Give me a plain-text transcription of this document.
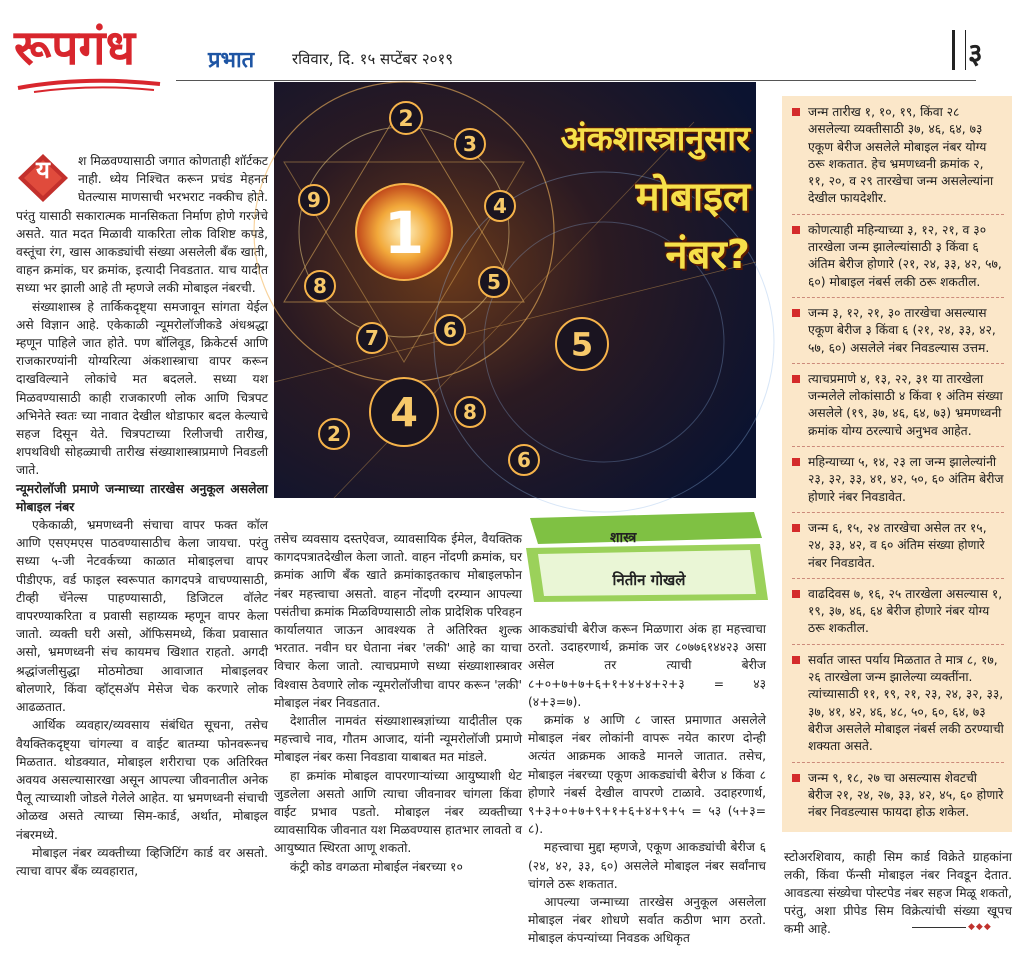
रूपगंध	प्रभात	रविवार, दि. १५ सप्टेंबर २०१९	३
य	श मिळवण्यासाठी जगात कोणताही शॉर्टकट नाही. ध्येय निश्चित करून प्रचंड मेहनत घेतल्यास माणसाची भरभराट नक्कीच होते. परंतु यासाठी सकारात्मक मानसिकता निर्माण होणे गरजेचे असते. यात मदत मिळावी याकरिता लोक विशिष्ट कपडे, वस्तूंचा रंग, खास आकड्यांची संख्या असलेली बँक खाती, वाहन क्रमांक, घर क्रमांक, इत्यादी निवडतात. याच यादीत सध्या भर झाली आहे ती म्हणजे लकी मोबाइल नंबरची.

संख्याशास्त्र हे तार्किकदृष्ट्या समजावून सांगता येईल असे विज्ञान आहे. एकेकाळी न्यूमरोलॉजीकडे अंधश्रद्धा म्हणून पाहिले जात होते. पण बॉलिवूड, क्रिकेटर्स आणि राजकारण्यांनी योग्यरित्या अंकशास्त्राचा वापर करून दाखविल्याने लोकांचे मत बदलले. सध्या यश मिळवण्यासाठी काही राजकारणी लोक आणि चित्रपट अभिनेते स्वतः च्या नावात देखील थोडाफार बदल केल्याचे सहज दिसून येते. चित्रपटाच्या रिलीजची तारीख, शपथविधी सोहळ्याची तारीख संख्याशास्त्राप्रमाणे निवडली जाते.

न्यूमरोलॉजी प्रमाणे जन्माच्या तारखेस अनुकूल असलेला मोबाइल नंबर

एकेकाळी, भ्रमणध्वनी संचाचा वापर फक्त कॉल आणि एसएमएस पाठवण्यासाठीच केला जायचा. परंतु सध्या ५-जी नेटवर्कच्या काळात मोबाइलचा वापर पीडीएफ, वर्ड फाइल स्वरूपात कागदपत्रे वाचण्यासाठी, टीव्ही चॅनेल्स पाहण्यासाठी, डिजिटल वॉलेट वापरण्याकरिता व प्रवासी सहाय्यक म्हणून वापर केला जातो. व्यक्ती घरी असो, ऑफिसमध्ये, किंवा प्रवासात असो, भ्रमणध्वनी संच कायमच खिशात राहतो. अगदी श्रद्धांजलीसुद्धा मोठमोठ्या आवाजात मोबाइलवर बोलणारे, किंवा व्हॉट्सअ‍ॅप मेसेज चेक करणारे लोक आढळतात.

आर्थिक व्यवहार/व्यवसाय संबंधित सूचना, तसेच वैयक्तिकदृष्ट्या चांगल्या व वाईट बातम्या फोनवरूनच मिळतात. थोडक्यात, मोबाइल शरीराचा एक अतिरिक्त अवयव असल्यासारखा असून आपल्या जीवनातील अनेक पैलू त्याच्याशी जोडले गेलेले आहेत. या भ्रमणध्वनी संचाची ओळख असते त्याच्या सिम-कार्ड, अर्थात, मोबाइल नंबरमध्ये.

मोबाइल नंबर व्यक्तीच्या व्हिजिटिंग कार्ड वर असतो. त्याचा वापर बँक व्यवहारात,

1
2
3
4
5
6
7
8
9
5
8
4
2
6
अंकशास्त्रानुसार
मोबाइल
नंबर?
शास्त्र
नितीन गोखले

तसेच व्यवसाय दस्तऐवज, व्यावसायिक ईमेल, वैयक्तिक कागदपत्रातदेखील केला जातो. वाहन नोंदणी क्रमांक, घर क्रमांक आणि बँक खाते क्रमांकाइतकाच मोबाइलफोन नंबर महत्त्वाचा असतो. वाहन नोंदणी दरम्यान आपल्या पसंतीचा क्रमांक मिळविण्यासाठी लोक प्रादेशिक परिवहन कार्यालयात जाऊन आवश्यक ते अतिरिक्त शुल्क भरतात. नवीन घर घेताना नंबर 'लकी' आहे का याचा विचार केला जातो. त्याचप्रमाणे सध्या संख्याशास्त्रावर विश्वास ठेवणारे लोक न्यूमरोलॉजीचा वापर करून 'लकी' मोबाइल नंबर निवडतात.

देशातील नामवंत संख्याशास्त्रज्ञांच्या यादीतील एक महत्त्वाचे नाव, गौतम आजाद, यांनी न्यूमरोलॉजी प्रमाणे मोबाइल नंबर कसा निवडावा याबाबत मत मांडले.

हा क्रमांक मोबाइल वापरणाऱ्यांच्या आयुष्याशी थेट जुडलेला असतो आणि त्याचा जीवनावर चांगला किंवा वाईट प्रभाव पडतो. मोबाइल नंबर व्यक्तीच्या व्यावसायिक जीवनात यश मिळवण्यास हातभार लावतो व आयुष्यात स्थिरता आणू शकतो.

कंट्री कोड वगळता मोबाईल नंबरच्या १०

आकड्यांची बेरीज करून मिळणारा अंक हा महत्त्वाचा ठरतो. उदाहरणार्थ, क्रमांक जर ८०७७६१४४२३ असा असेल तर त्याची बेरीज ८+०+७+७+६+१+४+४+२+३ = ४३ (४+३=७).

क्रमांक ४ आणि ८ जास्त प्रमाणात असलेले मोबाइल नंबर लोकांनी वापरू नयेत कारण दोन्ही अत्यंत आक्रमक आकडे मानले जातात. तसेच, मोबाइल नंबरच्या एकूण आकड्यांची बेरीज ४ किंवा ८ होणारे नंबर्स देखील वापरणे टाळावे. उदाहरणार्थ, ९+३+०+७+९+१+६+४+९+५ = ५३ (५+३= ८).

महत्त्वाचा मुद्दा म्हणजे, एकूण आकड्यांची बेरीज ६ (२४, ४२, ३३, ६०) असलेले मोबाइल नंबर सर्वांनाच चांगले ठरू शकतात.

आपल्या जन्माच्या तारखेस अनुकूल असलेला मोबाइल नंबर शोधणे सर्वात कठीण भाग ठरतो. मोबाइल कंपन्यांच्या निवडक अधिकृत

जन्म तारीख १, १०, १९, किंवा २८ असलेल्या व्यक्तीसाठी ३७, ४६, ६४, ७३ एकूण बेरीज असलेले मोबाइल नंबर योग्य ठरू शकतात. हेच भ्रमणध्वनी क्रमांक २, ११, २०, व २९ तारखेचा जन्म असलेल्यांना देखील फायदेशीर.
कोणत्याही महिन्याच्या ३, १२, २१, व ३० तारखेला जन्म झालेल्यांसाठी ३ किंवा ६ अंतिम बेरीज होणारे (२१, २४, ३३, ४२, ५७, ६०) मोबाइल नंबर्स लकी ठरू शकतील.
जन्म ३, १२, २१, ३० तारखेचा असल्यास एकूण बेरीज ३ किंवा ६ (२१, २४, ३३, ४२, ५७, ६०) असलेले नंबर निवडल्यास उत्तम.
त्याचप्रमाणे ४, १३, २२, ३१ या तारखेला जन्मलेले लोकांसाठी ४ किंवा १ अंतिम संख्या असलेले (१९, ३७, ४६, ६४, ७३) भ्रमणध्वनी क्रमांक योग्य ठरल्याचे अनुभव आहेत.
महिन्याच्या ५, १४, २३ ला जन्म झालेल्यांनी २३, ३२, ३३, ४१, ४२, ५०, ६० अंतिम बेरीज होणारे नंबर निवडावेत.
जन्म ६, १५, २४ तारखेचा असेल तर १५, २४, ३३, ४२, व ६० अंतिम संख्या होणारे नंबर निवडावेत.
वाढदिवस ७, १६, २५ तारखेला असल्यास १, १९, ३७, ४६, ६४ बेरीज होणारे नंबर योग्य ठरू शकतील.
सर्वात जास्त पर्याय मिळतात ते मात्र ८, १७, २६ तारखेला जन्म झालेल्या व्यक्तींना. त्यांच्यासाठी ११, १९, २१, २३, २४, ३२, ३३, ३७, ४१, ४२, ४६, ४८, ५०, ६०, ६४, ७३ बेरीज असलेले मोबाइल नंबर्स लकी ठरण्याची शक्यता असते.
जन्म ९, १८, २७ चा असल्यास शेवटची बेरीज २१, २४, २७, ३३, ४२, ४५, ६० होणारे नंबर निवडल्यास फायदा होऊ शकेल.
स्टोअरशिवाय, काही सिम कार्ड विक्रेते ग्राहकांना लकी, किंवा फॅन्सी मोबाइल नंबर निवडून देतात. आवडत्या संख्येचा पोस्टपेड नंबर सहज मिळू शकतो, परंतु, अशा प्रीपेड सिम विक्रेत्यांची संख्या खूपच कमी आहे.	◆◆◆
